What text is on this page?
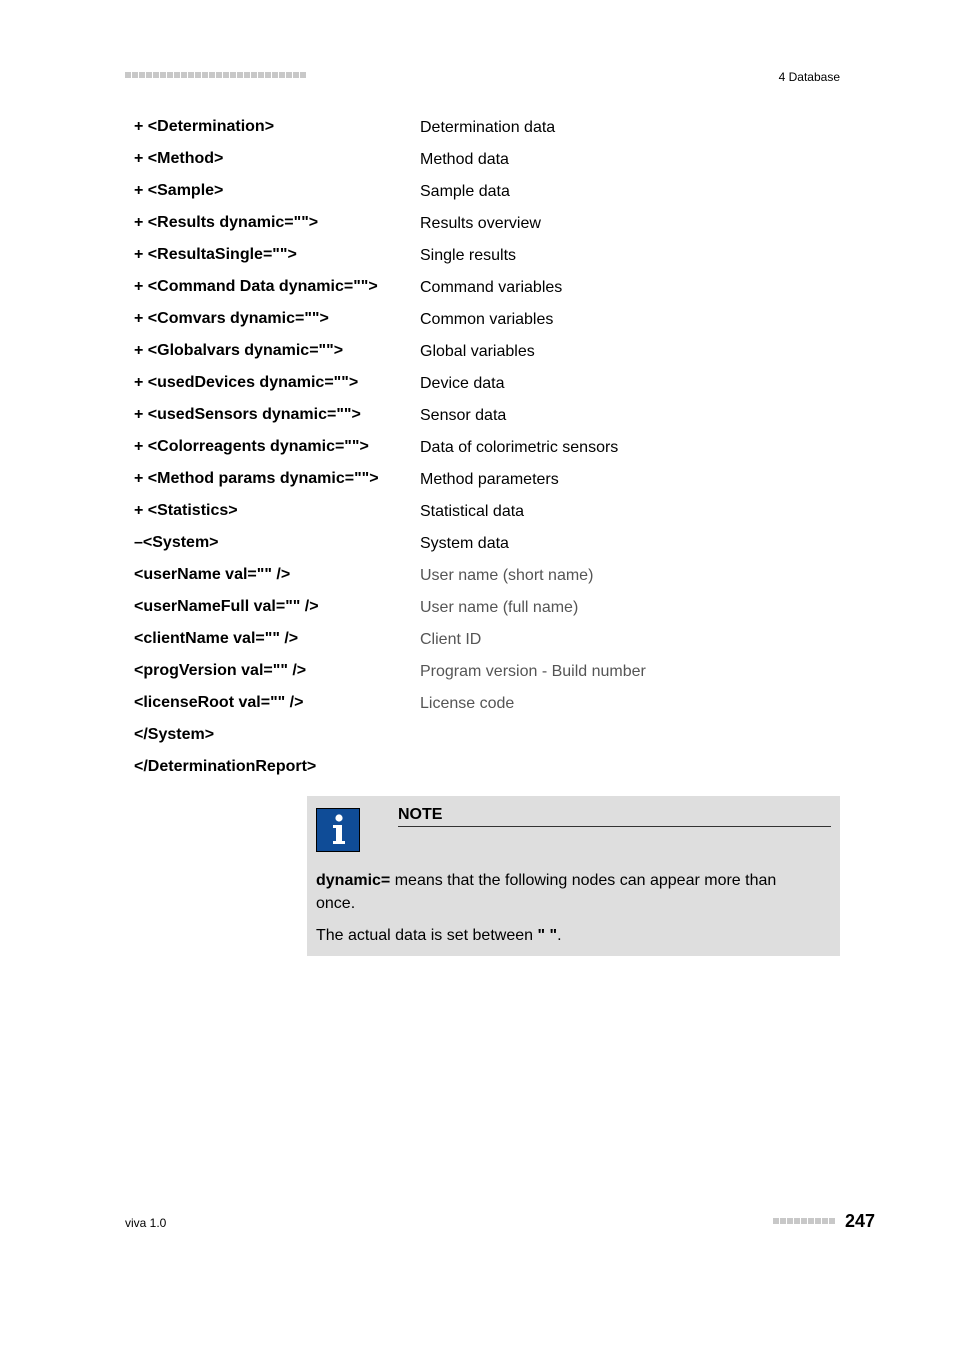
4 Database
+ <Determination>	Determination data
+ <Method>	Method data
+ <Sample>	Sample data
+ <Results dynamic="">	Results overview
+ <ResultaSingle="">	Single results
+ <Command Data dynamic="">	Command variables
+ <Comvars dynamic="">	Common variables
+ <Globalvars dynamic="">	Global variables
+ <usedDevices dynamic="">	Device data
+ <usedSensors dynamic="">	Sensor data
+ <Colorreagents dynamic="">	Data of colorimetric sensors
+ <Method params dynamic="">	Method parameters
+ <Statistics>	Statistical data
–<System>	System data
<userName val="" />	User name (short name)
<userNameFull val="" />	User name (full name)
<clientName val="" />	Client ID
<progVersion val="" />	Program version - Build number
<licenseRoot val="" />	License code
</System>
</DeterminationReport>
NOTE

dynamic= means that the following nodes can appear more than once.

The actual data is set between " ".

viva 1.0	247
